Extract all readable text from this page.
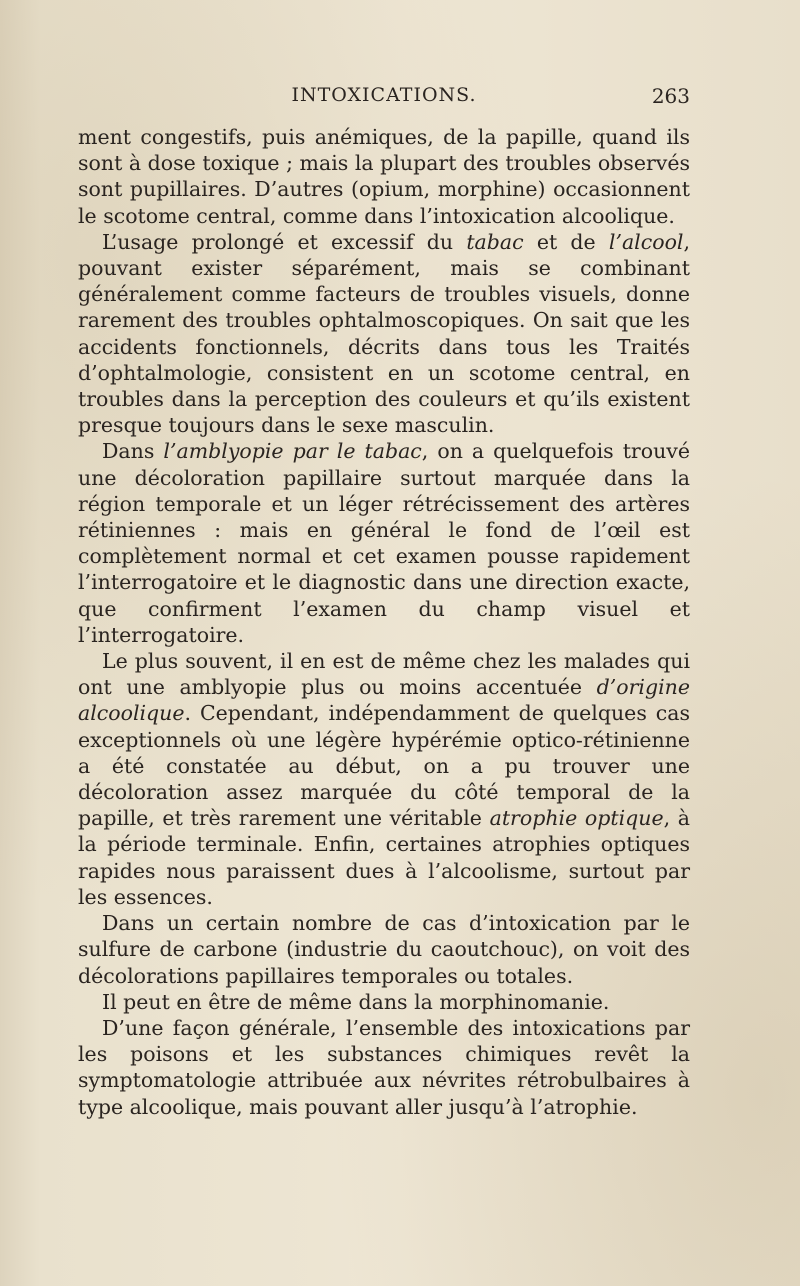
INTOXICATIONS.	263

ment congestifs, puis anémiques, de la papille, quand ils sont à dose toxique ; mais la plupart des troubles observés sont pupillaires. D’autres (opium, morphine) occasionnent le scotome central, comme dans l’intoxication alcoolique.

L’usage prolongé et excessif du tabac et de l’alcool, pouvant exister séparément, mais se combinant généralement comme facteurs de troubles visuels, donne rarement des troubles ophtalmoscopiques. On sait que les accidents fonctionnels, décrits dans tous les Traités d’ophtalmologie, consistent en un scotome central, en troubles dans la perception des couleurs et qu’ils existent presque toujours dans le sexe masculin.

Dans l’amblyopie par le tabac, on a quelquefois trouvé une décoloration papillaire surtout marquée dans la région temporale et un léger rétrécissement des artères rétiniennes : mais en général le fond de l’œil est complètement normal et cet examen pousse rapidement l’interrogatoire et le diagnostic dans une direction exacte, que confirment l’examen du champ visuel et l’interrogatoire.

Le plus souvent, il en est de même chez les malades qui ont une amblyopie plus ou moins accentuée d’origine alcoolique. Cependant, indépendamment de quelques cas exceptionnels où une légère hypérémie optico-rétinienne a été constatée au début, on a pu trouver une décoloration assez marquée du côté temporal de la papille, et très rarement une véritable atrophie optique, à la période terminale. Enfin, certaines atrophies optiques rapides nous paraissent dues à l’alcoolisme, surtout par les essences.

Dans un certain nombre de cas d’intoxication par le sulfure de carbone (industrie du caoutchouc), on voit des décolorations papillaires temporales ou totales.

Il peut en être de même dans la morphinomanie.

D’une façon générale, l’ensemble des intoxications par les poisons et les substances chimiques revêt la symptomatologie attribuée aux névrites rétrobulbaires à type alcoolique, mais pouvant aller jusqu’à l’atrophie.
